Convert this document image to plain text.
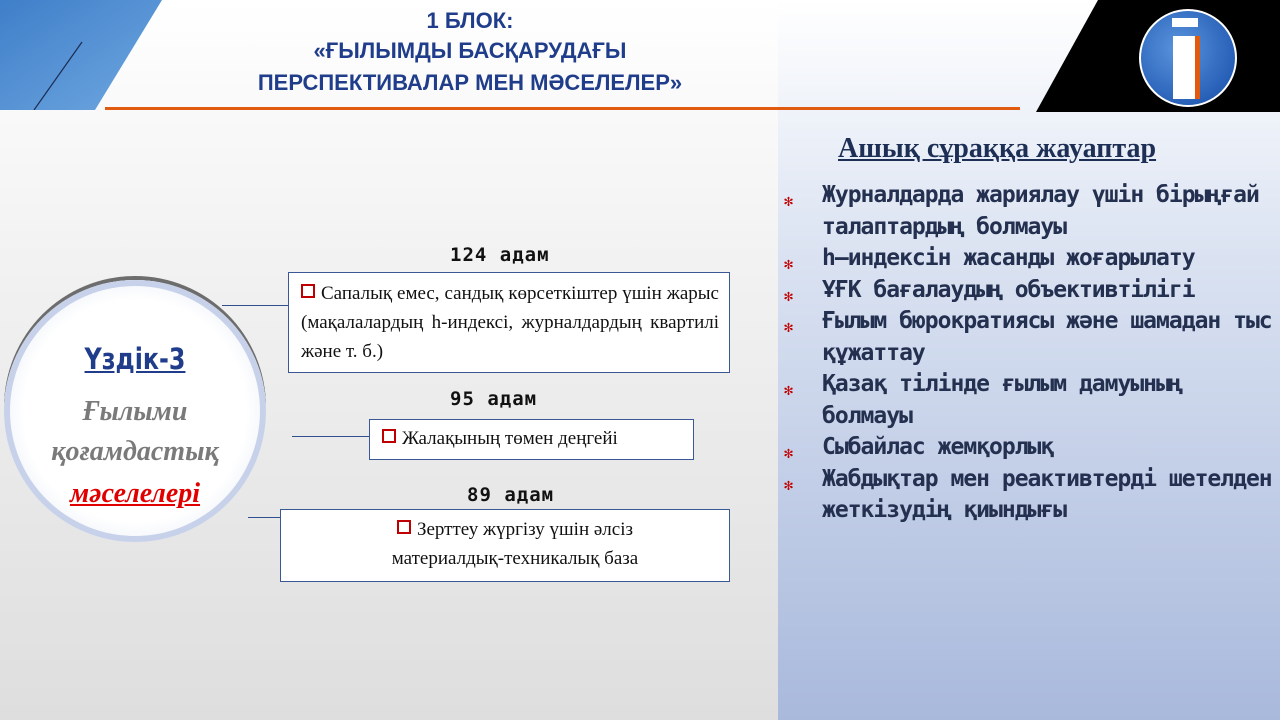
1 БЛОК:
«ҒЫЛЫМДЫ БАСҚАРУДАҒЫ
ПЕРСПЕКТИВАЛАР МЕН МӘСЕЛЕЛЕР»
Үздік-3
Ғылыми
қоғамдастық
мәселелері
124 адам
Сапалық емес, сандық көрсеткіштер үшін жарыс (мақалалардың h-индексі, журналдардың квартилі және т. б.)
95 адам
Жалақының төмен деңгейі
89 адам
Зерттеу жүргізу үшін әлсіз материалдық-техникалық база
Ашық сұраққа жауаптар
✻ Журналдарда жариялау үшін бірыңғай талаптардың болмауы
✻ h–индексін жасанды жоғарылату
✻ ҰҒК бағалаудың объективтілігі
✻ Ғылым бюрократиясы және шамадан тыс құжаттау
✻ Қазақ тілінде ғылым дамуының болмауы
✻ Сыбайлас жемқорлық
✻ Жабдықтар мен реактивтерді шетелден жеткізудің қиындығы
